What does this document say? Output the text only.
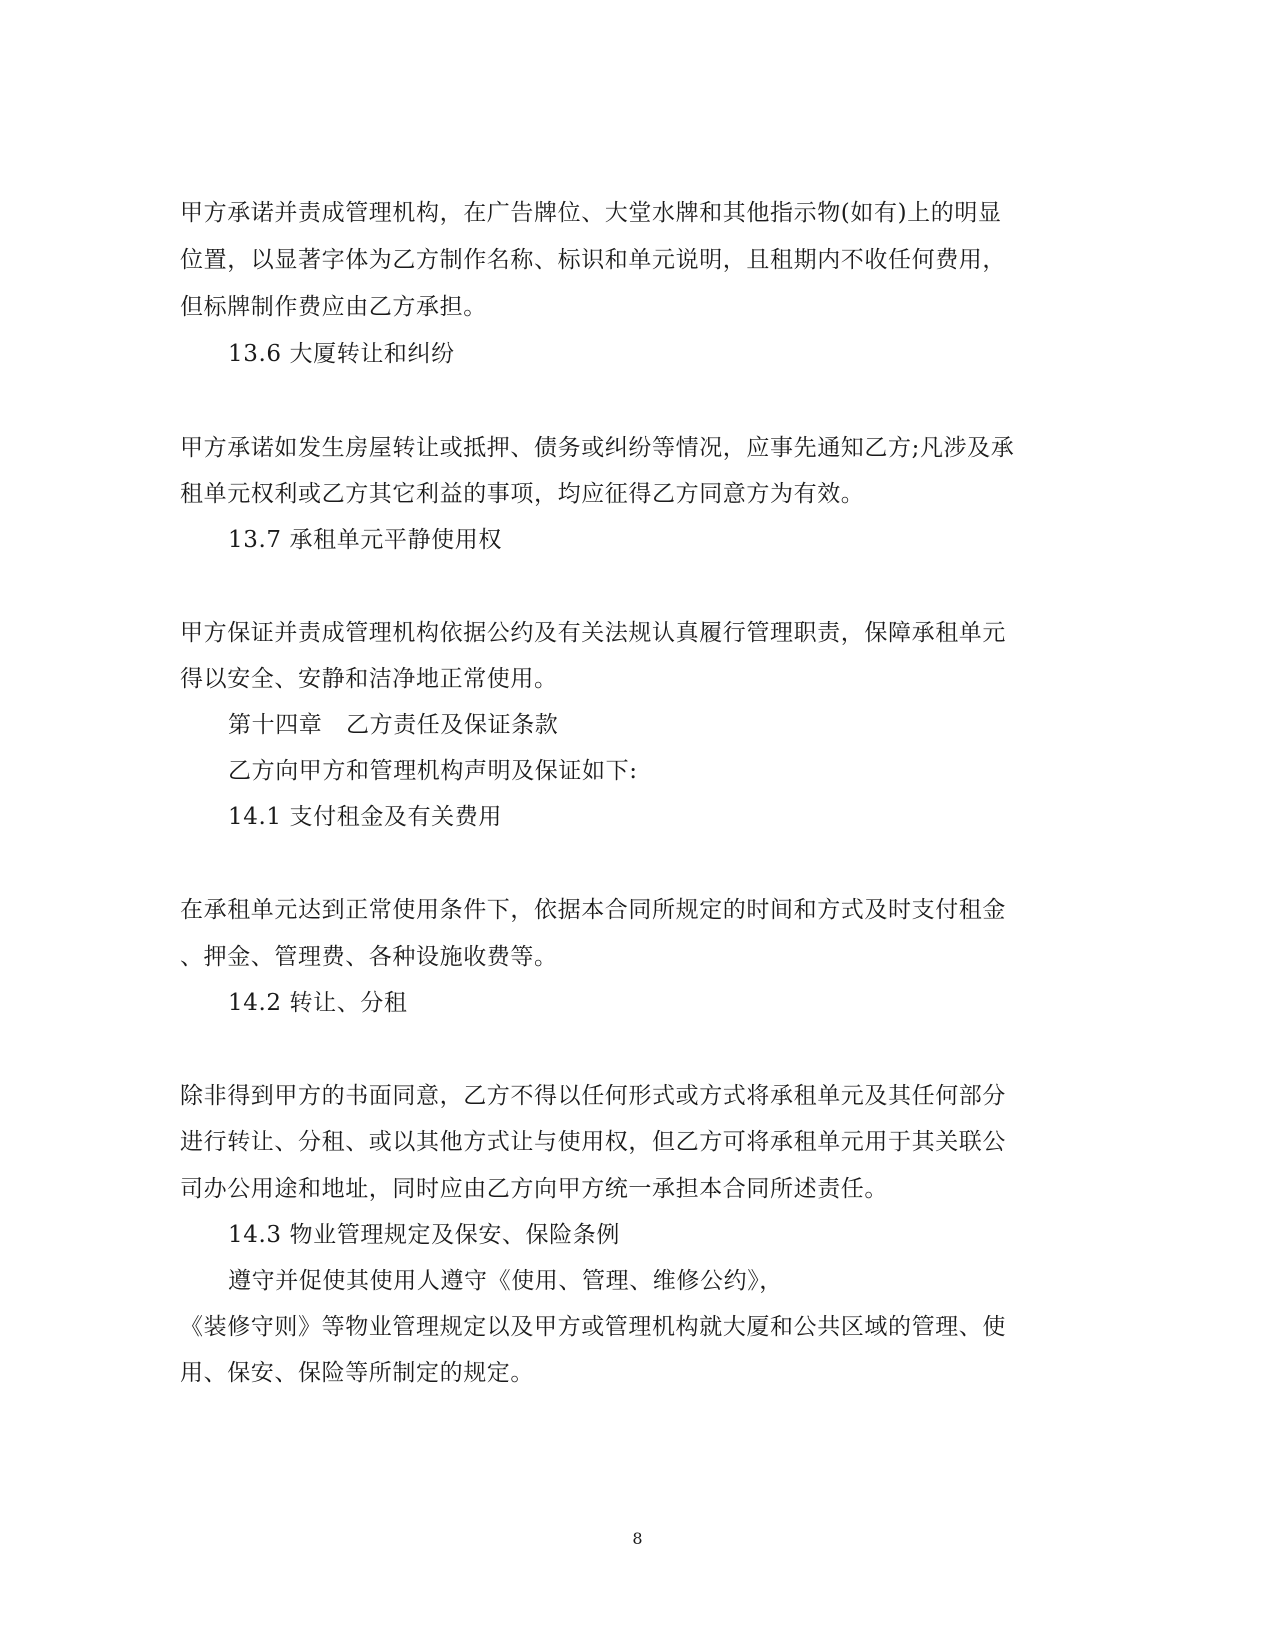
甲方承诺并责成管理机构，在广告牌位、大堂水牌和其他指示物(如有)上的明显
位置，以显著字体为乙方制作名称、标识和单元说明，且租期内不收任何费用，
但标牌制作费应由乙方承担。
13.6 大厦转让和纠纷
甲方承诺如发生房屋转让或抵押、债务或纠纷等情况，应事先通知乙方;凡涉及承
租单元权利或乙方其它利益的事项，均应征得乙方同意方为有效。
13.7 承租单元平静使用权
甲方保证并责成管理机构依据公约及有关法规认真履行管理职责，保障承租单元
得以安全、安静和洁净地正常使用。
第十四章　乙方责任及保证条款
乙方向甲方和管理机构声明及保证如下:
14.1 支付租金及有关费用
在承租单元达到正常使用条件下，依据本合同所规定的时间和方式及时支付租金
、押金、管理费、各种设施收费等。
14.2 转让、分租
除非得到甲方的书面同意，乙方不得以任何形式或方式将承租单元及其任何部分
进行转让、分租、或以其他方式让与使用权，但乙方可将承租单元用于其关联公
司办公用途和地址，同时应由乙方向甲方统一承担本合同所述责任。
14.3 物业管理规定及保安、保险条例
遵守并促使其使用人遵守《使用、管理、维修公约》，
《装修守则》等物业管理规定以及甲方或管理机构就大厦和公共区域的管理、使
用、保安、保险等所制定的规定。
8
